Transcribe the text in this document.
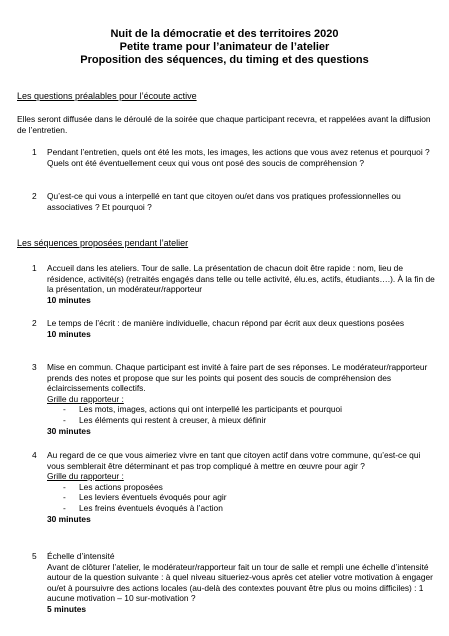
Nuit de la démocratie et des territoires 2020
Petite trame pour l’animateur de l’atelier
Proposition des séquences, du timing et des questions
Les questions préalables pour l’écoute active
Elles seront diffusée dans le déroulé de la soirée que chaque participant recevra, et rappelées avant la diffusion de l’entretien.
1 Pendant l’entretien, quels ont été les mots, les images, les actions que vous avez retenus et pourquoi ? Quels ont été éventuellement ceux qui vous ont posé des soucis de compréhension ?
2 Qu’est-ce qui vous a interpellé en tant que citoyen ou/et dans vos pratiques professionnelles ou associatives ? Et pourquoi ?
Les séquences proposées pendant l’atelier
1 Accueil dans les ateliers. Tour de salle. La présentation de chacun doit être rapide : nom, lieu de résidence, activité(s) (retraités engagés dans telle ou telle activité, élu.es, actifs, étudiants….). À la fin de la présentation, un modérateur/rapporteur
10 minutes
2 Le temps de l’écrit : de manière individuelle, chacun répond par écrit aux deux questions posées
10 minutes
3 Mise en commun. Chaque participant est invité à faire part de ses réponses. Le modérateur/rapporteur prends des notes et propose que sur les points qui posent des soucis de compréhension des éclaircissements collectifs.
Grille du rapporteur :
- Les mots, images, actions qui ont interpellé les participants et pourquoi
- Les éléments qui restent à creuser, à mieux définir
30 minutes
4 Au regard de ce que vous aimeriez vivre en tant que citoyen actif dans votre commune, qu’est-ce qui vous semblerait être déterminant et pas trop compliqué à mettre en œuvre pour agir ?
Grille du rapporteur :
- Les actions proposées
- Les leviers éventuels évoqués pour agir
- Les freins éventuels évoqués à l’action
30 minutes
5 Échelle d’intensité
Avant de clôturer l’atelier, le modérateur/rapporteur fait un tour de salle et rempli une échelle d’intensité autour de la question suivante : à quel niveau situeriez-vous après cet atelier votre motivation à engager ou/et à poursuivre des actions locales (au-delà des contextes pouvant être plus ou moins difficiles) : 1 aucune motivation – 10 sur-motivation ?
5 minutes
